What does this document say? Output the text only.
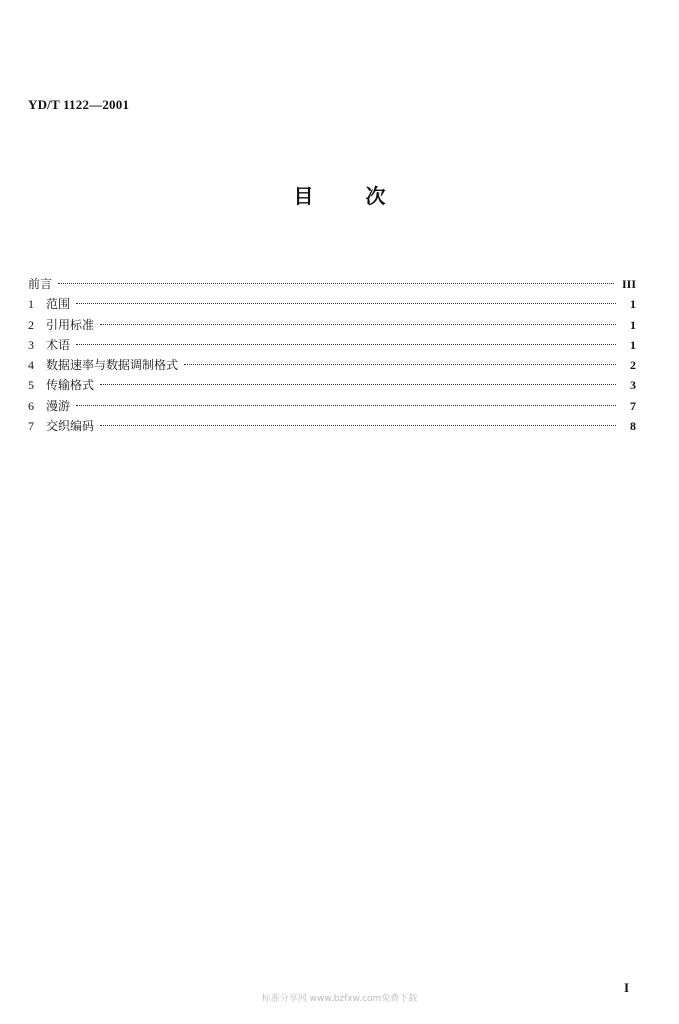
YD/T 1122—2001
目次
前言	III
1	范围	1
2	引用标准	1
3	术语	1
4	数据速率与数据调制格式	2
5	传输格式	3
6	漫游	7
7	交织编码	8
I
标准分享网 www.bzfxw.com免费下载
